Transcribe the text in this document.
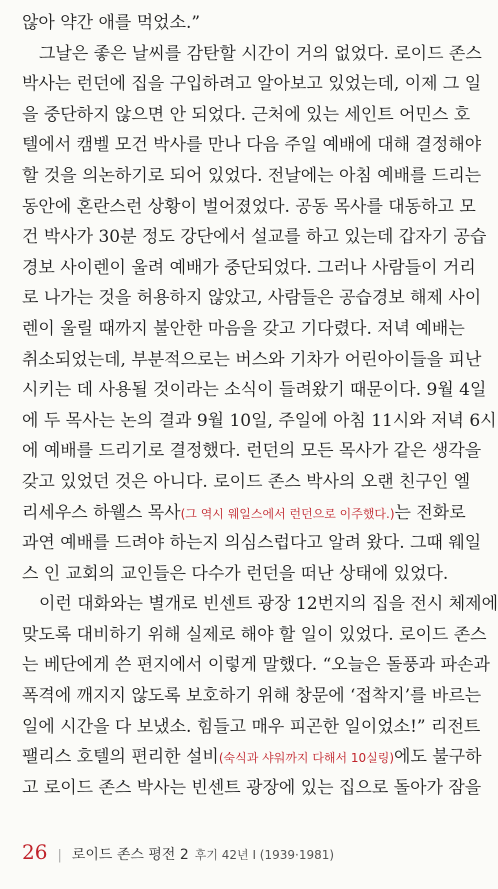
않아 약간 애를 먹었소.”
그날은 좋은 날씨를 감탄할 시간이 거의 없었다. 로이드 존스
박사는 런던에 집을 구입하려고 알아보고 있었는데, 이제 그 일
을 중단하지 않으면 안 되었다. 근처에 있는 세인트 어민스 호
텔에서 캠벨 모건 박사를 만나 다음 주일 예배에 대해 결정해야
할 것을 의논하기로 되어 있었다. 전날에는 아침 예배를 드리는
동안에 혼란스런 상황이 벌어졌었다. 공동 목사를 대동하고 모
건 박사가 30분 정도 강단에서 설교를 하고 있는데 갑자기 공습
경보 사이렌이 울려 예배가 중단되었다. 그러나 사람들이 거리
로 나가는 것을 허용하지 않았고, 사람들은 공습경보 해제 사이
렌이 울릴 때까지 불안한 마음을 갖고 기다렸다. 저녁 예배는
취소되었는데, 부분적으로는 버스와 기차가 어린아이들을 피난
시키는 데 사용될 것이라는 소식이 들려왔기 때문이다. 9월 4일
에 두 목사는 논의 결과 9월 10일, 주일에 아침 11시와 저녁 6시
에 예배를 드리기로 결정했다. 런던의 모든 목사가 같은 생각을
갖고 있었던 것은 아니다. 로이드 존스 박사의 오랜 친구인 엘
리세우스 하웰스 목사(그 역시 웨일스에서 런던으로 이주했다.)는 전화로
과연 예배를 드려야 하는지 의심스럽다고 알려 왔다. 그때 웨일
스 인 교회의 교인들은 다수가 런던을 떠난 상태에 있었다.
이런 대화와는 별개로 빈센트 광장 12번지의 집을 전시 체제에
맞도록 대비하기 위해 실제로 해야 할 일이 있었다. 로이드 존스
는 베단에게 쓴 편지에서 이렇게 말했다. “오늘은 돌풍과 파손과
폭격에 깨지지 않도록 보호하기 위해 창문에 ‘접착지’를 바르는
일에 시간을 다 보냈소. 힘들고 매우 피곤한 일이었소!” 리전트
팰리스 호텔의 편리한 설비(숙식과 샤워까지 다해서 10실링)에도 불구하
고 로이드 존스 박사는 빈센트 광장에 있는 집으로 돌아가 잠을
26 | 로이드 존스 평전 2 후기 42년 I (1939·1981)
